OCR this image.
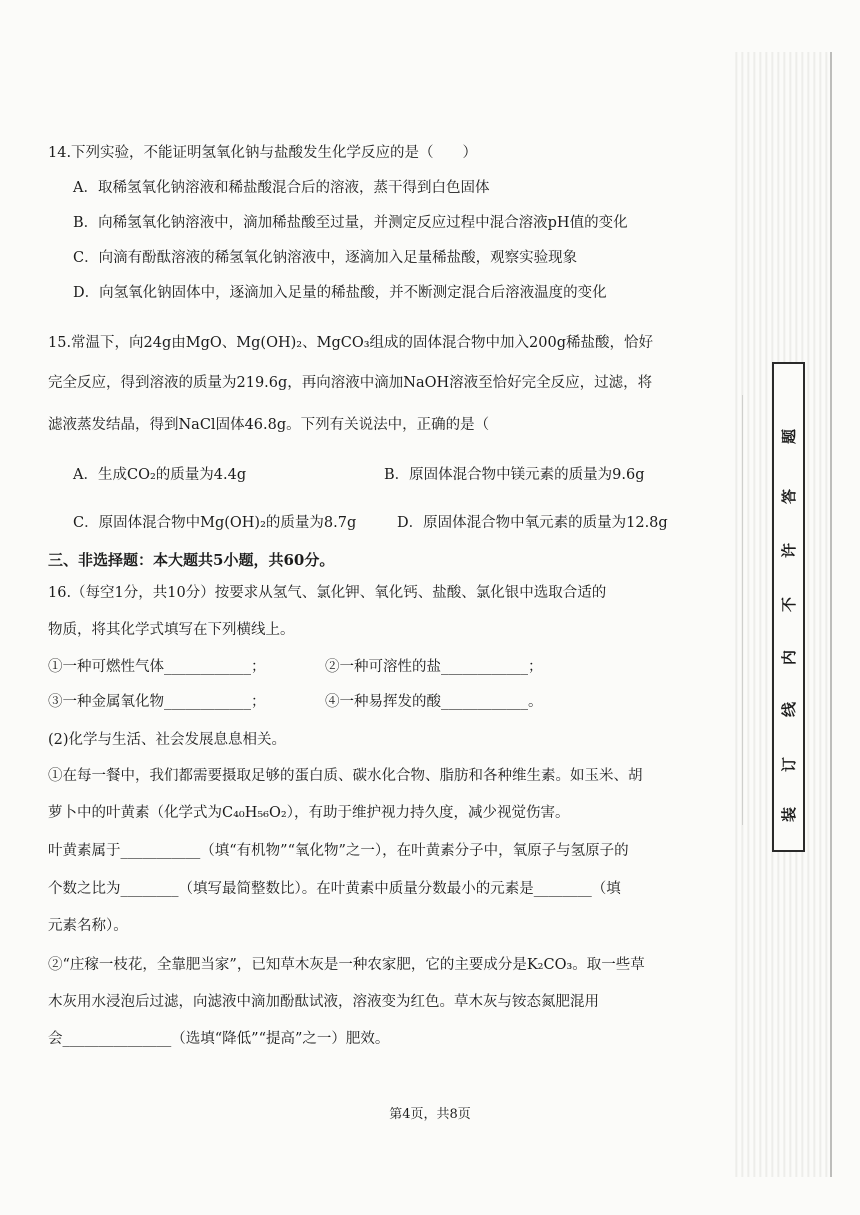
14.下列实验，不能证明氢氧化钠与盐酸发生化学反应的是（　　）
A．取稀氢氧化钠溶液和稀盐酸混合后的溶液，蒸干得到白色固体
B．向稀氢氧化钠溶液中，滴加稀盐酸至过量，并测定反应过程中混合溶液pH值的变化
C．向滴有酚酞溶液的稀氢氧化钠溶液中，逐滴加入足量稀盐酸，观察实验现象
D．向氢氧化钠固体中，逐滴加入足量的稀盐酸，并不断测定混合后溶液温度的变化
15.常温下，向24g由MgO、Mg(OH)₂、MgCO₃组成的固体混合物中加入200g稀盐酸，恰好
完全反应，得到溶液的质量为219.6g，再向溶液中滴加NaOH溶液至恰好完全反应，过滤，将
滤液蒸发结晶，得到NaCl固体46.8g。下列有关说法中，正确的是（
A．生成CO₂的质量为4.4g	B．原固体混合物中镁元素的质量为9.6g
C．原固体混合物中Mg(OH)₂的质量为8.7g	D．原固体混合物中氧元素的质量为12.8g
三、非选择题：本大题共5小题，共60分。
16.（每空1分，共10分）按要求从氢气、氯化钾、氧化钙、盐酸、氯化银中选取合适的
物质，将其化学式填写在下列横线上。
①一种可燃性气体____________；	②一种可溶性的盐____________；
③一种金属氧化物____________；	④一种易挥发的酸____________。
(2)化学与生活、社会发展息息相关。
①在每一餐中，我们都需要摄取足够的蛋白质、碳水化合物、脂肪和各种维生素。如玉米、胡
萝卜中的叶黄素（化学式为C₄₀H₅₆O₂），有助于维护视力持久度，减少视觉伤害。
叶黄素属于___________（填“有机物”“氧化物”之一），在叶黄素分子中，氧原子与氢原子的
个数之比为________（填写最简整数比）。在叶黄素中质量分数最小的元素是________（填
元素名称）。
②“庄稼一枝花，全靠肥当家”，已知草木灰是一种农家肥，它的主要成分是K₂CO₃。取一些草
木灰用水浸泡后过滤，向滤液中滴加酚酞试液，溶液变为红色。草木灰与铵态氮肥混用
会_______________（选填“降低”“提高”之一）肥效。
第4页，共8页
题
答
许
不
内
线
订
装
